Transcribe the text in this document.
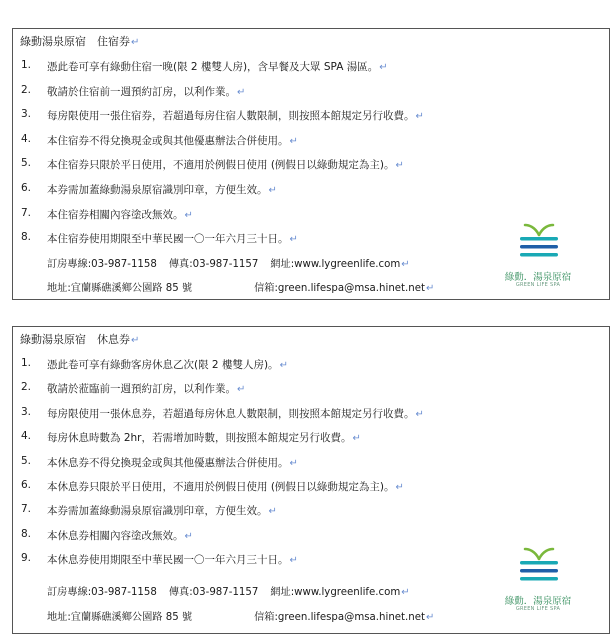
綠動湯泉原宿　住宿券↵
1.	憑此卷可享有綠動住宿一晚(限 2 樓雙人房)，含早餐及大眾 SPA 湯區。↵
2.	敬請於住宿前一週預約訂房，以利作業。↵
3.	每房限使用一張住宿券，若超過每房住宿人數限制，則按照本館規定另行收費。↵
4.	本住宿券不得兌換現金或與其他優惠辦法合併使用。↵
5.	本住宿券只限於平日使用，不適用於例假日使用 (例假日以綠動規定為主)。↵
6.	本券需加蓋綠動湯泉原宿識別印章，方便生效。↵
7.	本住宿券相關內容塗改無效。↵
8.	本住宿券使用期限至中華民國一〇一年六月三十日。↵
訂房專線:03-987-1158 傳真:03-987-1157 網址:www.lygreenlife.com↵
地址:宜蘭縣礁溪鄉公園路 85 號	信箱:green.lifespa@msa.hinet.net↵
綠動．湯泉原宿
GREEN LIFE SPA
綠動湯泉原宿　休息券↵
1.	憑此卷可享有綠動客房休息乙次(限 2 樓雙人房)。↵
2.	敬請於蒞臨前一週預約訂房，以利作業。↵
3.	每房限使用一張休息券，若超過每房休息人數限制，則按照本館規定另行收費。↵
4.	每房休息時數為 2hr，若需增加時數，則按照本館規定另行收費。↵
5.	本休息券不得兌換現金或與其他優惠辦法合併使用。↵
6.	本休息券只限於平日使用，不適用於例假日使用 (例假日以綠動規定為主)。↵
7.	本券需加蓋綠動湯泉原宿識別印章，方便生效。↵
8.	本休息券相關內容塗改無效。↵
9.	本休息券使用期限至中華民國一〇一年六月三十日。↵
訂房專線:03-987-1158 傳真:03-987-1157 網址:www.lygreenlife.com↵
地址:宜蘭縣礁溪鄉公園路 85 號	信箱:green.lifespa@msa.hinet.net↵
綠動．湯泉原宿
GREEN LIFE SPA
